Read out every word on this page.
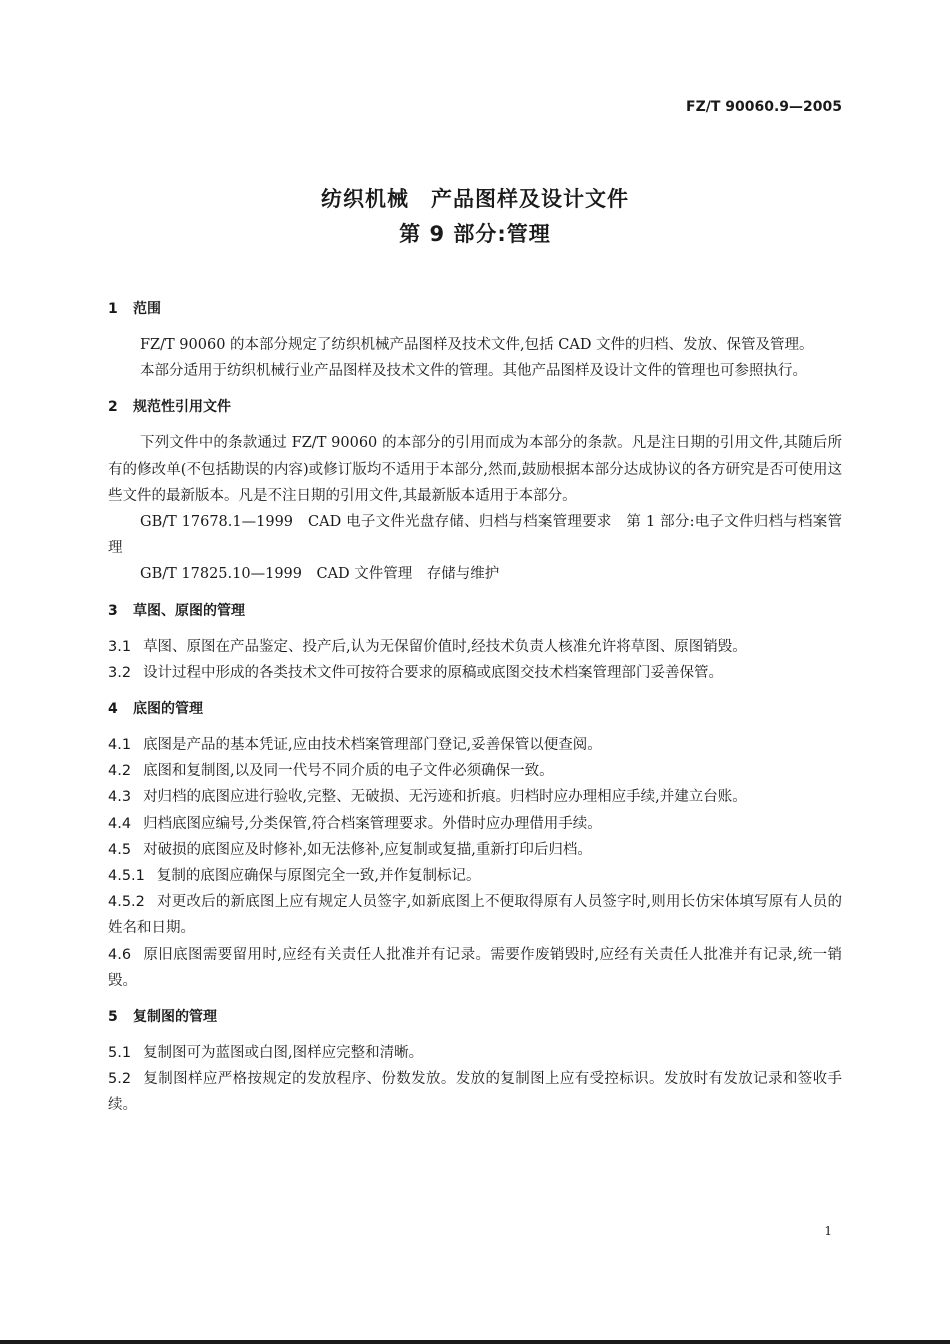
FZ/T 90060.9—2005
纺织机械　产品图样及设计文件
第 9 部分:管理
1 范围

FZ/T 90060 的本部分规定了纺织机械产品图样及技术文件,包括 CAD 文件的归档、发放、保管及管理。

本部分适用于纺织机械行业产品图样及技术文件的管理。其他产品图样及设计文件的管理也可参照执行。

2 规范性引用文件

下列文件中的条款通过 FZ/T 90060 的本部分的引用而成为本部分的条款。凡是注日期的引用文件,其随后所有的修改单(不包括勘误的内容)或修订版均不适用于本部分,然而,鼓励根据本部分达成协议的各方研究是否可使用这些文件的最新版本。凡是不注日期的引用文件,其最新版本适用于本部分。

GB/T 17678.1—1999　CAD 电子文件光盘存储、归档与档案管理要求　第 1 部分:电子文件归档与档案管理

GB/T 17825.10—1999　CAD 文件管理　存储与维护

3 草图、原图的管理

3.1 草图、原图在产品鉴定、投产后,认为无保留价值时,经技术负责人核准允许将草图、原图销毁。

3.2 设计过程中形成的各类技术文件可按符合要求的原稿或底图交技术档案管理部门妥善保管。

4 底图的管理

4.1 底图是产品的基本凭证,应由技术档案管理部门登记,妥善保管以便查阅。

4.2 底图和复制图,以及同一代号不同介质的电子文件必须确保一致。

4.3 对归档的底图应进行验收,完整、无破损、无污迹和折痕。归档时应办理相应手续,并建立台账。

4.4 归档底图应编号,分类保管,符合档案管理要求。外借时应办理借用手续。

4.5 对破损的底图应及时修补,如无法修补,应复制或复描,重新打印后归档。

4.5.1 复制的底图应确保与原图完全一致,并作复制标记。

4.5.2 对更改后的新底图上应有规定人员签字,如新底图上不便取得原有人员签字时,则用长仿宋体填写原有人员的姓名和日期。

4.6 原旧底图需要留用时,应经有关责任人批准并有记录。需要作废销毁时,应经有关责任人批准并有记录,统一销毁。

5 复制图的管理

5.1 复制图可为蓝图或白图,图样应完整和清晰。

5.2 复制图样应严格按规定的发放程序、份数发放。发放的复制图上应有受控标识。发放时有发放记录和签收手续。

1
